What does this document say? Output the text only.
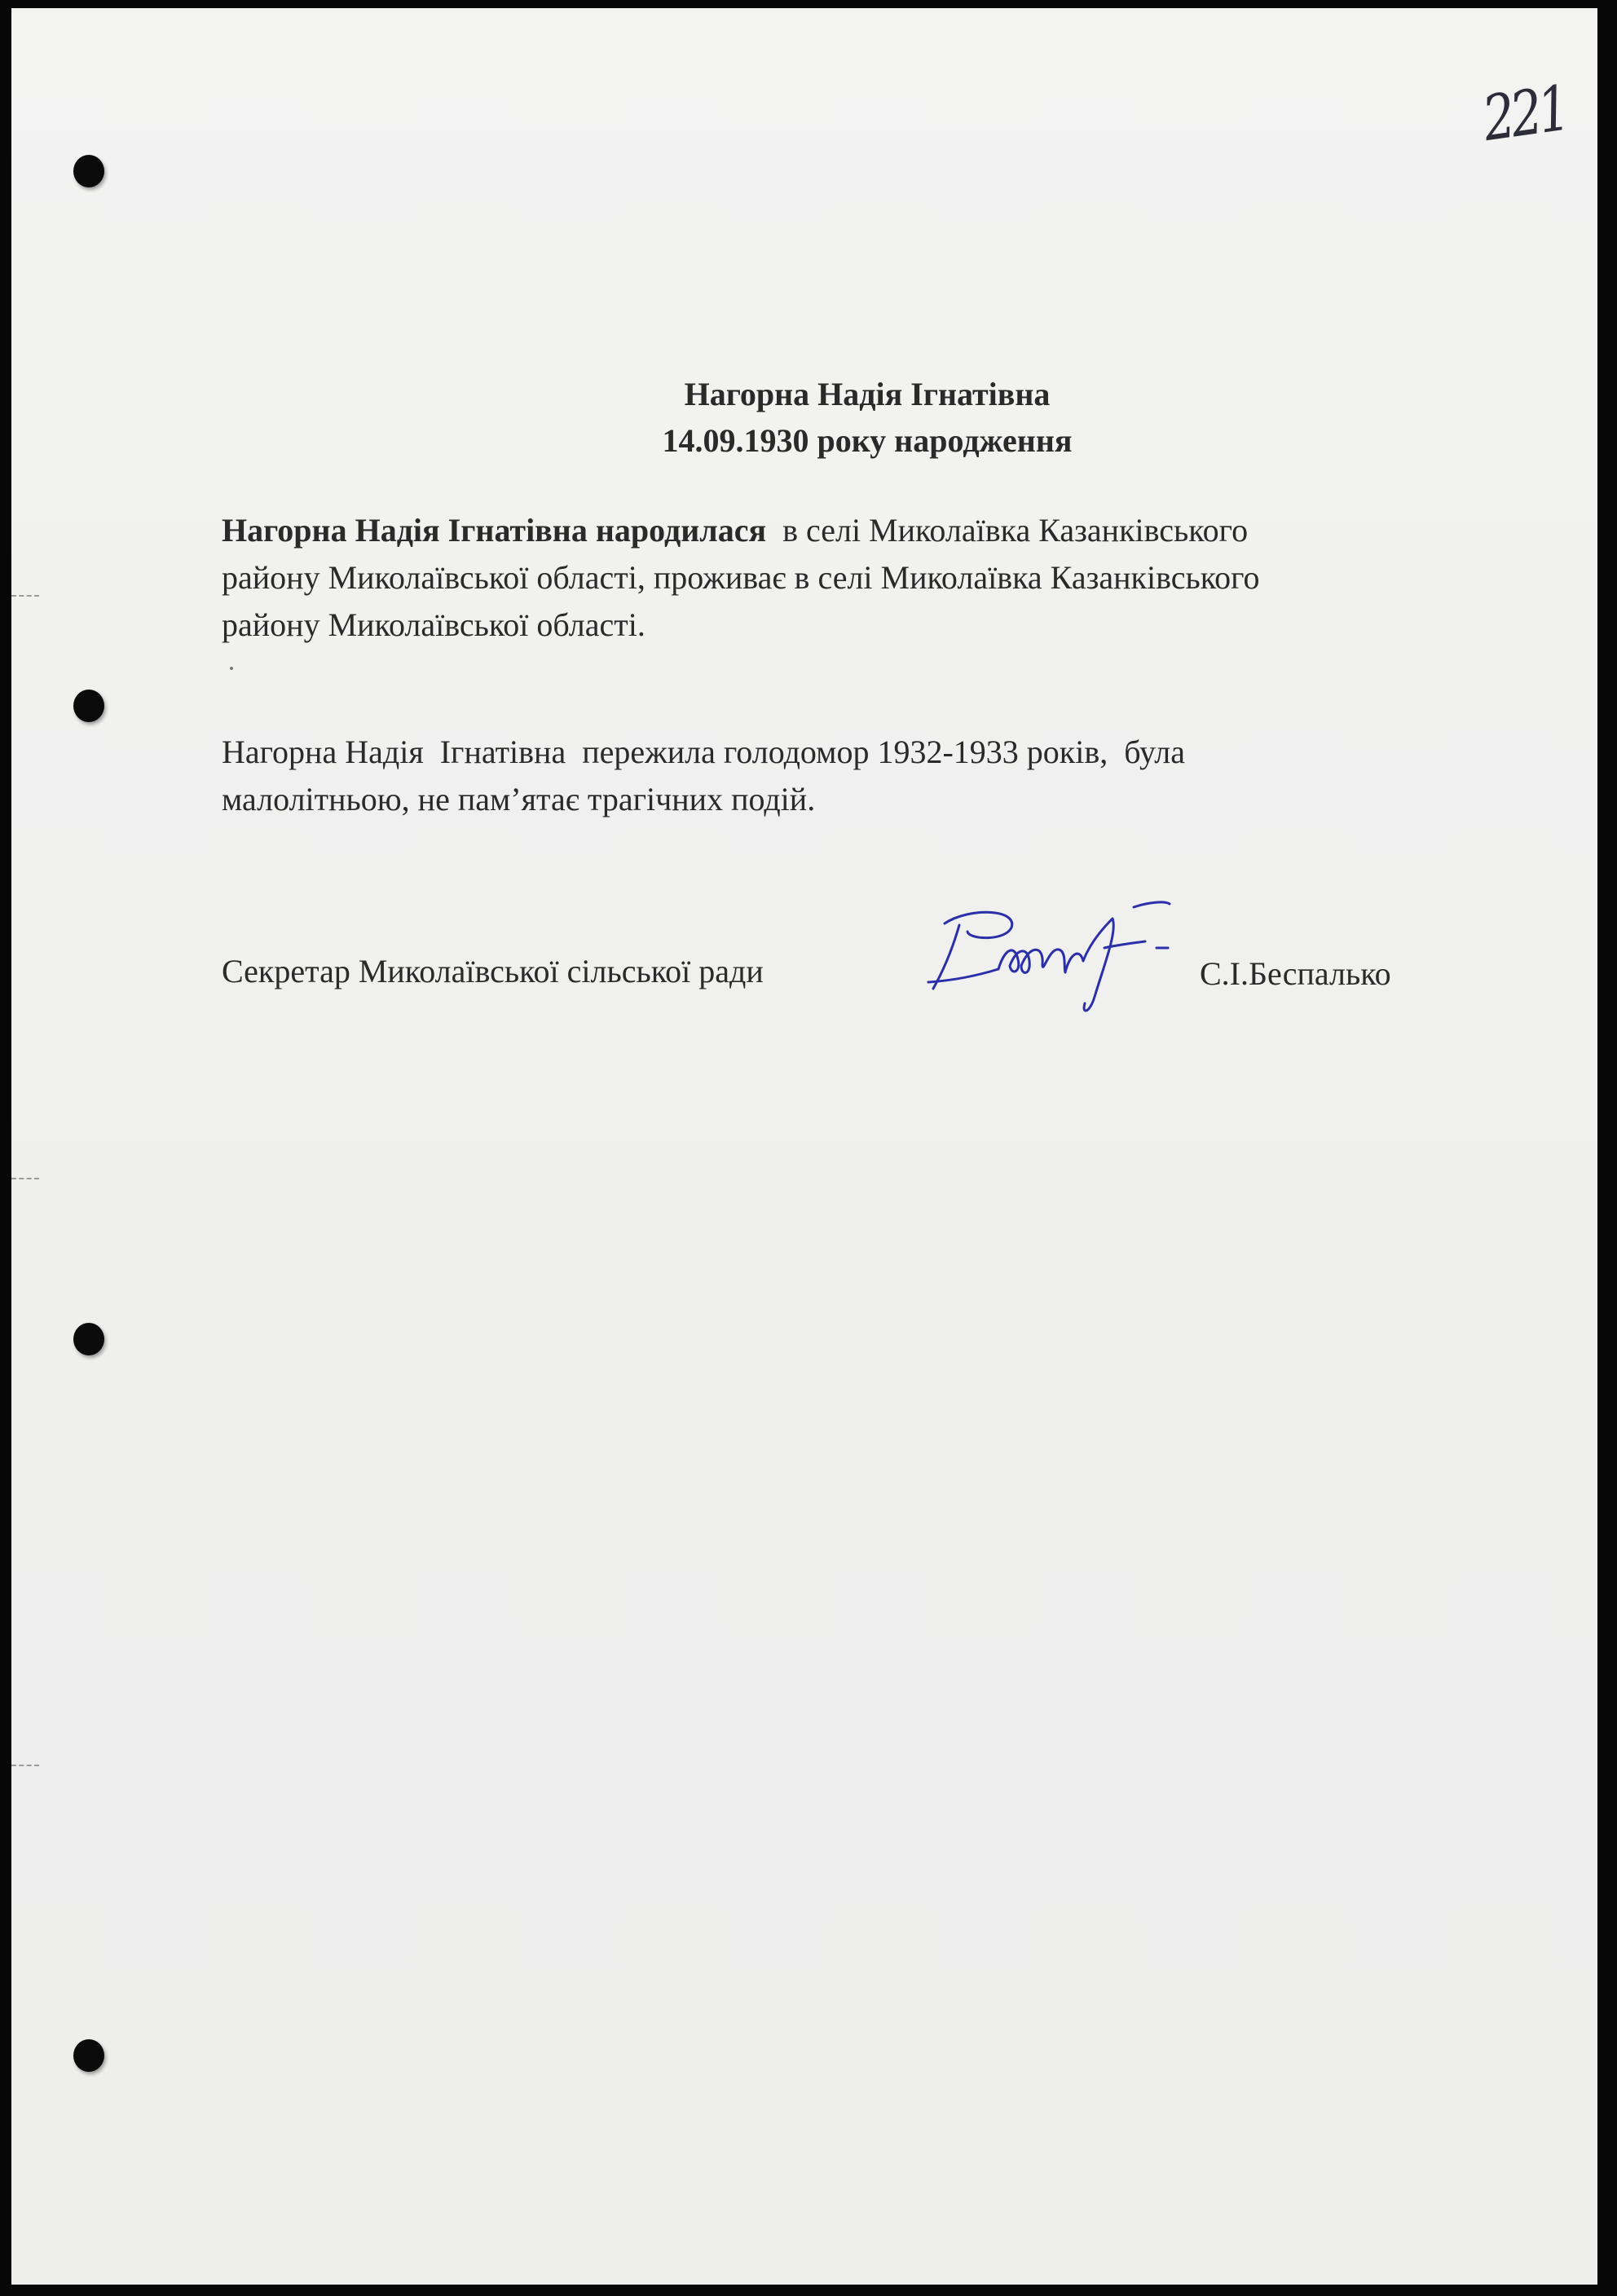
221
Нагорна Надія Ігнатівна
14.09.1930 року народження
Нагорна Надія Ігнатівна народилася  в селі Миколаївка Казанківського
району Миколаївської області, проживає в селі Миколаївка Казанківського
району Миколаївської області.
Нагорна Надія  Ігнатівна  пережила голодомор 1932-1933 років,  була
малолітньою, не пам’ятає трагічних подій.
Секретар Миколаївської сільської ради	С.І.Беспалько
